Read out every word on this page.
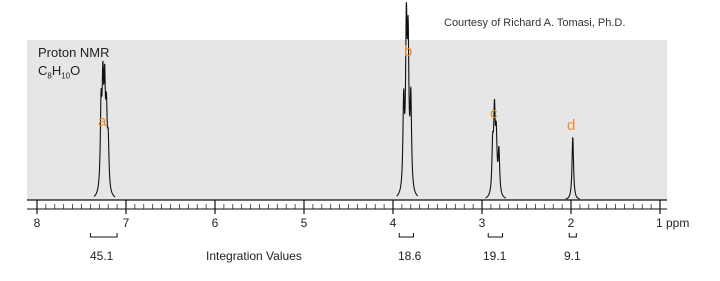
8	7	6	5	4	3	2	1 ppm
Courtesy of Richard A. Tomasi, Ph.D.
Proton NMR
$C_8H_{10}O$
a
b
c
d
Integration Values
45.1	18.6	19.1	9.1
